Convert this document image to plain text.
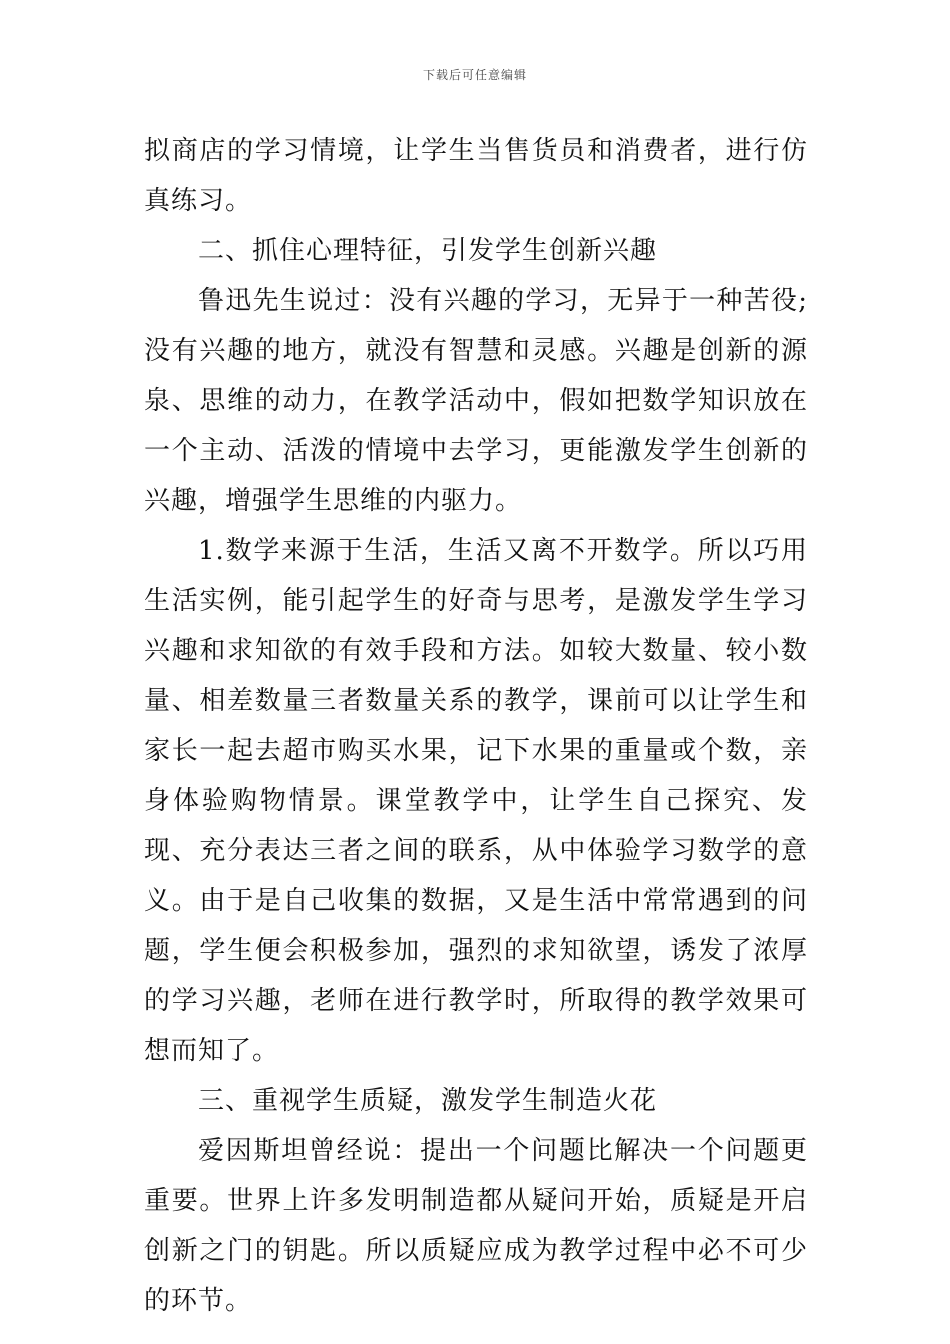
下载后可任意编辑

拟商店的学习情境，让学生当售货员和消费者，进行仿真练习。

二、抓住心理特征，引发学生创新兴趣

鲁迅先生说过：没有兴趣的学习，无异于一种苦役;没有兴趣的地方，就没有智慧和灵感。兴趣是创新的源泉、思维的动力，在教学活动中，假如把数学知识放在一个主动、活泼的情境中去学习，更能激发学生创新的兴趣，增强学生思维的内驱力。

1.数学来源于生活，生活又离不开数学。所以巧用生活实例，能引起学生的好奇与思考，是激发学生学习兴趣和求知欲的有效手段和方法。如较大数量、较小数量、相差数量三者数量关系的教学，课前可以让学生和家长一起去超市购买水果，记下水果的重量或个数，亲身体验购物情景。课堂教学中，让学生自己探究、发现、充分表达三者之间的联系，从中体验学习数学的意义。由于是自己收集的数据，又是生活中常常遇到的问题，学生便会积极参加，强烈的求知欲望，诱发了浓厚的学习兴趣，老师在进行教学时，所取得的教学效果可想而知了。

三、重视学生质疑，激发学生制造火花

爱因斯坦曾经说：提出一个问题比解决一个问题更重要。世界上许多发明制造都从疑问开始，质疑是开启创新之门的钥匙。所以质疑应成为教学过程中必不可少的环节。
